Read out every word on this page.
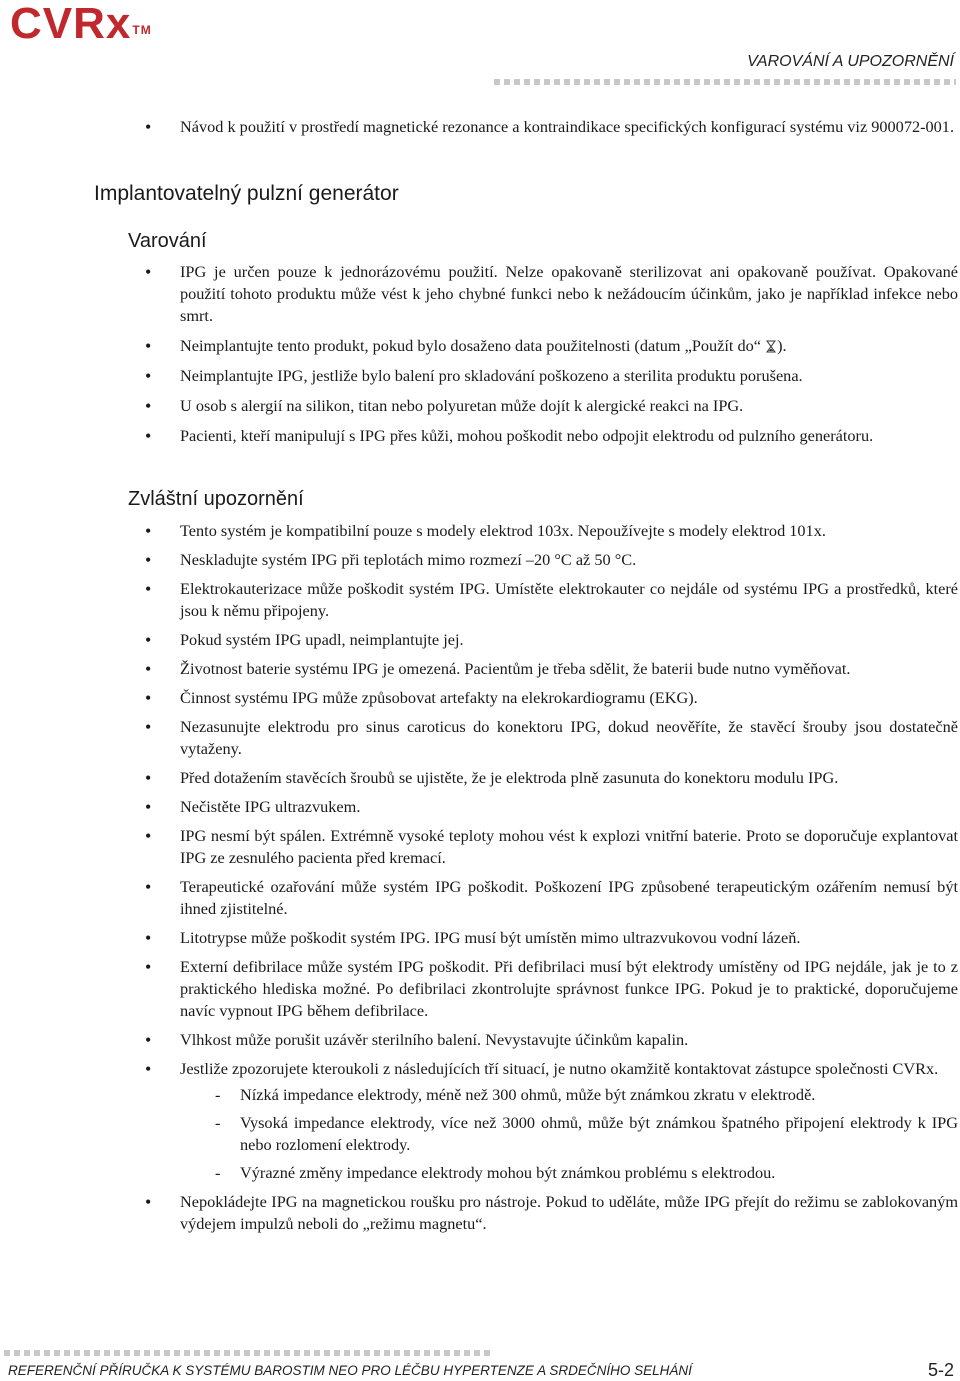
CVRx™
VAROVÁNÍ A UPOZORNĚNÍ
• Návod k použití v prostředí magnetické rezonance a kontraindikace specifických konfigurací systému viz 900072-001.
Implantovatelný pulzní generátor
Varování
• IPG je určen pouze k jednorázovému použití. Nelze opakovaně sterilizovat ani opakovaně používat. Opakované použití tohoto produktu může vést k jeho chybné funkci nebo k nežádoucím účinkům, jako je například infekce nebo smrt.
• Neimplantujte tento produkt, pokud bylo dosaženo data použitelnosti (datum „Použít do“ ).
• Neimplantujte IPG, jestliže bylo balení pro skladování poškozeno a sterilita produktu porušena.
• U osob s alergií na silikon, titan nebo polyuretan může dojít k alergické reakci na IPG.
• Pacienti, kteří manipulují s IPG přes kůži, mohou poškodit nebo odpojit elektrodu od pulzního generátoru.
Zvláštní upozornění
• Tento systém je kompatibilní pouze s modely elektrod 103x. Nepoužívejte s modely elektrod 101x.
• Neskladujte systém IPG při teplotách mimo rozmezí –20 °C až 50 °C.
• Elektrokauterizace může poškodit systém IPG. Umístěte elektrokauter co nejdále od systému IPG a prostředků, které jsou k němu připojeny.
• Pokud systém IPG upadl, neimplantujte jej.
• Životnost baterie systému IPG je omezená. Pacientům je třeba sdělit, že baterii bude nutno vyměňovat.
• Činnost systému IPG může způsobovat artefakty na elekrokardiogramu (EKG).
• Nezasunujte elektrodu pro sinus caroticus do konektoru IPG, dokud neověříte, že stavěcí šrouby jsou dostatečně vytaženy.
• Před dotažením stavěcích šroubů se ujistěte, že je elektroda plně zasunuta do konektoru modulu IPG.
• Nečistěte IPG ultrazvukem.
• IPG nesmí být spálen. Extrémně vysoké teploty mohou vést k explozi vnitřní baterie. Proto se doporučuje explantovat IPG ze zesnulého pacienta před kremací.
• Terapeutické ozařování může systém IPG poškodit. Poškození IPG způsobené terapeutickým ozářením nemusí být ihned zjistitelné.
• Litotrypse může poškodit systém IPG. IPG musí být umístěn mimo ultrazvukovou vodní lázeň.
• Externí defibrilace může systém IPG poškodit. Při defibrilaci musí být elektrody umístěny od IPG nejdále, jak je to z praktického hlediska možné. Po defibrilaci zkontrolujte správnost funkce IPG. Pokud je to praktické, doporučujeme navíc vypnout IPG během defibrilace.
• Vlhkost může porušit uzávěr sterilního balení. Nevystavujte účinkům kapalin.
• Jestliže zpozorujete kteroukoli z následujících tří situací, je nutno okamžitě kontaktovat zástupce společnosti CVRx.
- Nízká impedance elektrody, méně než 300 ohmů, může být známkou zkratu v elektrodě.
- Vysoká impedance elektrody, více než 3000 ohmů, může být známkou špatného připojení elektrody k IPG nebo rozlomení elektrody.
- Výrazné změny impedance elektrody mohou být známkou problému s elektrodou.
• Nepokládejte IPG na magnetickou roušku pro nástroje. Pokud to uděláte, může IPG přejít do režimu se zablokovaným výdejem impulzů neboli do „režimu magnetu“.
REFERENČNÍ PŘÍRUČKA K SYSTÉMU BAROSTIM NEO PRO LÉČBU HYPERTENZE A SRDEČNÍHO SELHÁNÍ	5-2
